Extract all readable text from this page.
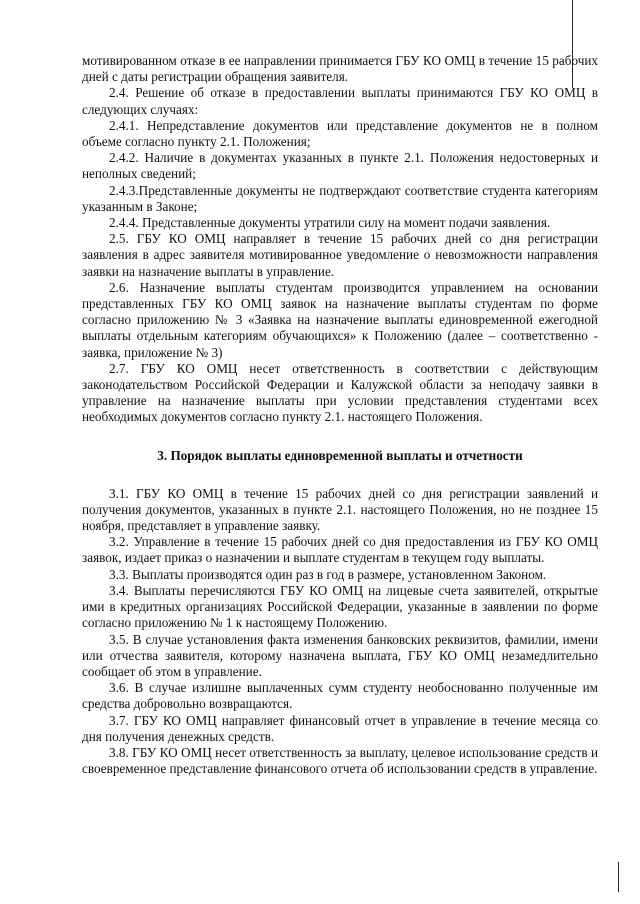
мотивированном отказе в ее направлении принимается ГБУ КО ОМЦ в течение 15 рабочих дней с даты регистрации обращения заявителя.

2.4. Решение об отказе в предоставлении выплаты принимаются ГБУ КО ОМЦ в следующих случаях:

2.4.1. Непредставление документов или представление документов не в полном объеме согласно пункту 2.1. Положения;

2.4.2. Наличие в документах указанных в пункте 2.1. Положения недостоверных и неполных сведений;

2.4.3.Представленные документы не подтверждают соответствие студента категориям указанным в Законе;

2.4.4. Представленные документы утратили силу на момент подачи заявления.

2.5. ГБУ КО ОМЦ направляет в течение 15 рабочих дней со дня регистрации заявления в адрес заявителя мотивированное уведомление о невозможности направления заявки на назначение выплаты в управление.

2.6. Назначение выплаты студентам производится управлением на основании представленных ГБУ КО ОМЦ заявок на назначение выплаты студентам по форме согласно приложению № 3 «Заявка на назначение выплаты единовременной ежегодной выплаты отдельным категориям обучающихся» к Положению (далее – соответственно - заявка, приложение № 3)

2.7. ГБУ КО ОМЦ несет ответственность в соответствии с действующим законодательством Российской Федерации и Калужской области за неподачу заявки в управление на назначение выплаты при условии представления студентами всех необходимых документов согласно пункту 2.1. настоящего Положения.

3. Порядок выплаты единовременной выплаты и отчетности

3.1. ГБУ КО ОМЦ в течение 15 рабочих дней со дня регистрации заявлений и получения документов, указанных в пункте 2.1. настоящего Положения, но не позднее 15 ноября, представляет в управление заявку.

3.2. Управление в течение 15 рабочих дней со дня предоставления из ГБУ КО ОМЦ заявок, издает приказ о назначении и выплате студентам в текущем году выплаты.

3.3. Выплаты производятся один раз в год в размере, установленном Законом.

3.4. Выплаты перечисляются ГБУ КО ОМЦ на лицевые счета заявителей, открытые ими в кредитных организациях Российской Федерации, указанные в заявлении по форме согласно приложению № 1 к настоящему Положению.

3.5. В случае установления факта изменения банковских реквизитов, фамилии, имени или отчества заявителя, которому назначена выплата, ГБУ КО ОМЦ незамедлительно сообщает об этом в управление.

3.6. В случае излишне выплаченных сумм студенту необоснованно полученные им средства добровольно возвращаются.

3.7. ГБУ КО ОМЦ направляет финансовый отчет в управление в течение месяца со дня получения денежных средств.

3.8. ГБУ КО ОМЦ несет ответственность за выплату, целевое использование средств и своевременное представление финансового отчета об использовании средств в управление.
